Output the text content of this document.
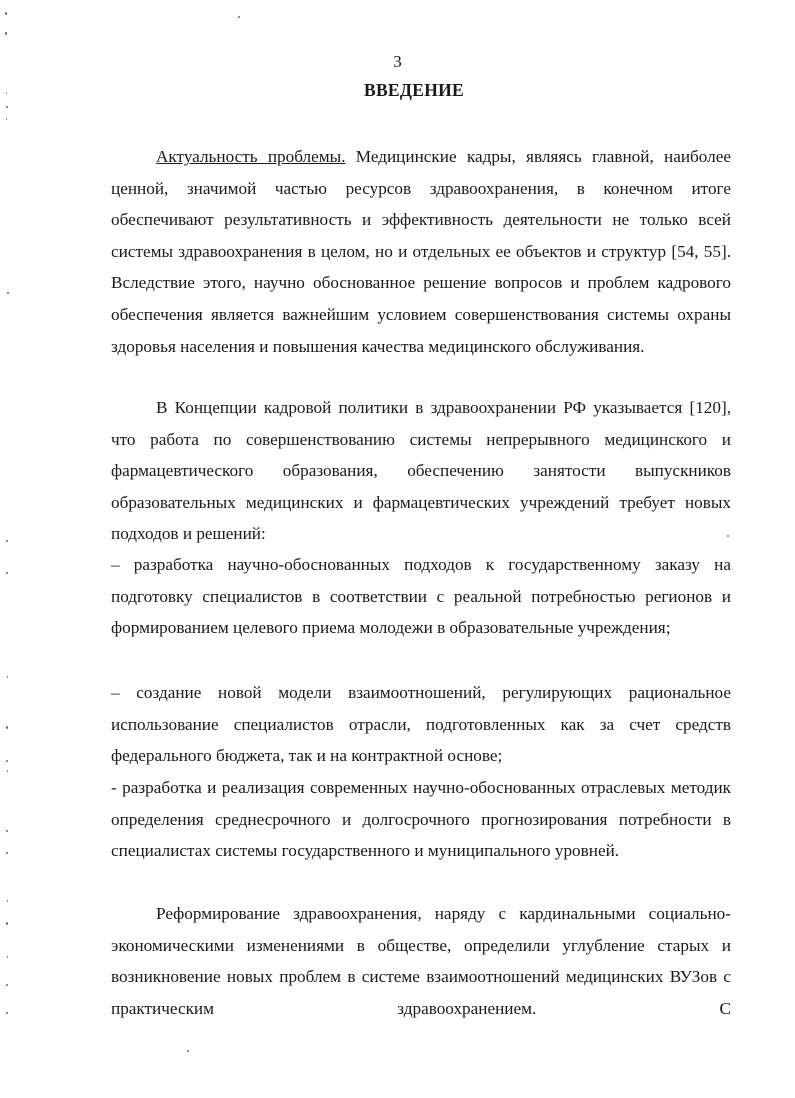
3
ВВЕДЕНИЕ
Актуальность проблемы. Медицинские кадры, являясь главной, наиболее ценной, значимой частью ресурсов здравоохранения, в конечном итоге обеспечивают результативность и эффективность деятельности не только всей системы здравоохранения в целом, но и отдельных ее объектов и структур [54, 55]. Вследствие этого, научно обоснованное решение вопросов и проблем кадрового обеспечения является важнейшим условием совершенствования системы охраны здоровья населения и повышения качества медицинского обслуживания.
В Концепции кадровой политики в здравоохранении РФ указывается [120], что работа по совершенствованию системы непрерывного медицинского и фармацевтического образования, обеспечению занятости выпускников образовательных медицинских и фармацевтических учреждений требует новых подходов и решений:
– разработка научно-обоснованных подходов к государственному заказу на подготовку специалистов в соответствии с реальной потребностью регионов и формированием целевого приема молодежи в образовательные учреждения;
– создание новой модели взаимоотношений, регулирующих рациональное использование специалистов отрасли, подготовленных как за счет средств федерального бюджета, так и на контрактной основе;
- разработка и реализация современных научно-обоснованных отраслевых методик определения среднесрочного и долгосрочного прогнозирования потребности в специалистах системы государственного и муниципального уровней.
Реформирование здравоохранения, наряду с кардинальными социально-экономическими изменениями в обществе, определили углубление старых и возникновение новых проблем в системе взаимоотношений медицинских ВУЗов с практическим здравоохранением. С
